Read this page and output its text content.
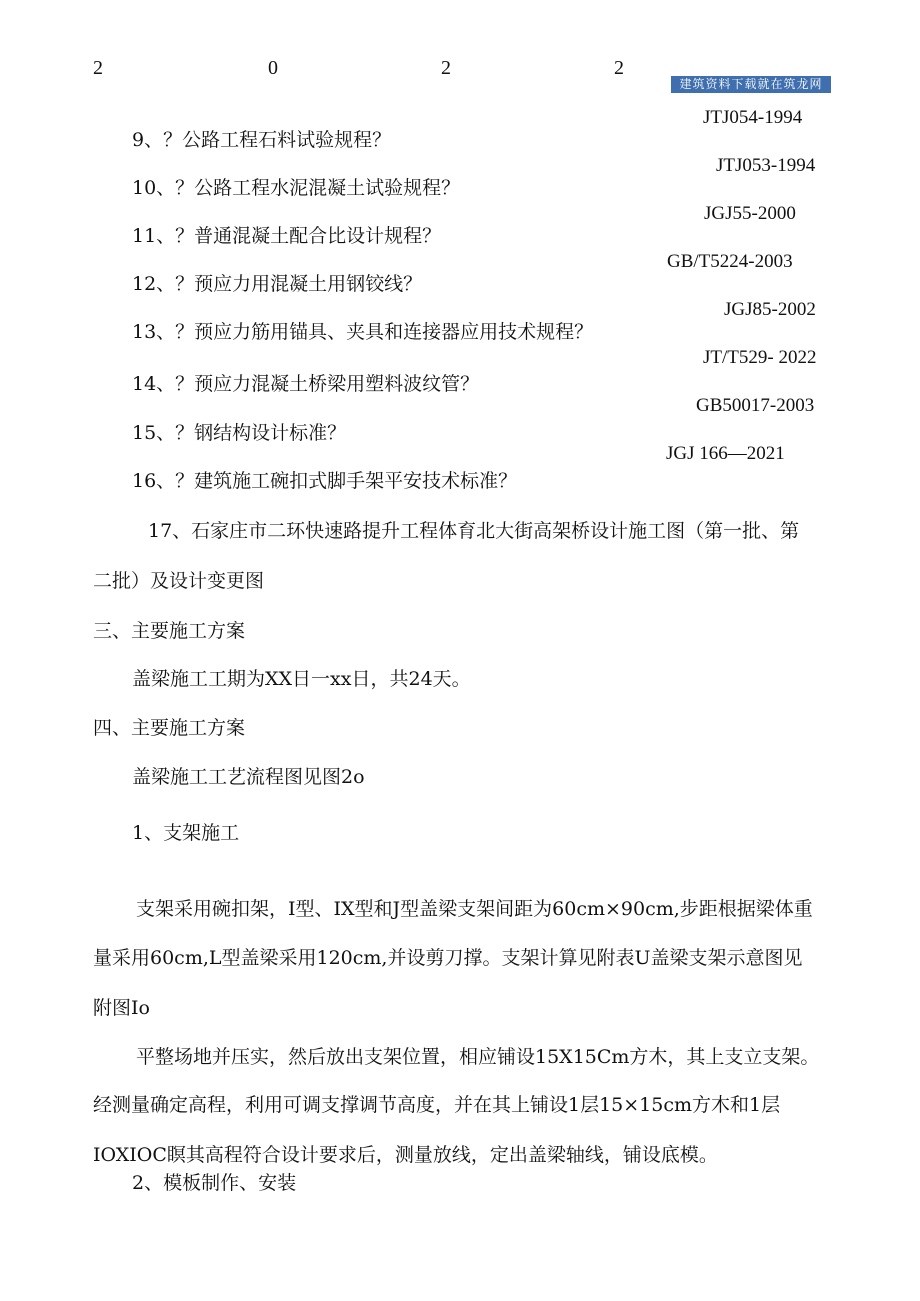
2	0	2	2
建筑资料下载就在筑龙网
JTJ054-1994
9、？公路工程石料试验规程？
JTJ053-1994
10、？公路工程水泥混凝土试验规程？
JGJ55-2000
11、？普通混凝土配合比设计规程？
GB/T5224-2003
12、？预应力用混凝土用钢铰线？
JGJ85-2002
13、？预应力筋用锚具、夹具和连接器应用技术规程？
JT/T529- 2022
14、？预应力混凝土桥梁用塑料波纹管？
GB50017-2003
15、？钢结构设计标准？
JGJ 166—2021
16、？建筑施工碗扣式脚手架平安技术标准？
17、石家庄市二环快速路提升工程体育北大街高架桥设计施工图（第一批、第
二批）及设计变更图
三、主要施工方案
盖梁施工工期为XX日一xx日，共24天。
四、主要施工方案
盖梁施工工艺流程图见图2o
1、支架施工
支架采用碗扣架，I型、IX型和J型盖梁支架间距为60cm×90cm,步距根据梁体重
量采用60cm,L型盖梁采用120cm,并设剪刀撑。支架计算见附表U盖梁支架示意图见
附图Io
平整场地并压实，然后放出支架位置，相应铺设15X15Cm方木，其上支立支架。
经测量确定高程，利用可调支撑调节高度，并在其上铺设1层15×15cm方木和1层
IOXIOC瞑其高程符合设计要求后，测量放线，定出盖梁轴线，铺设底模。
2、模板制作、安装
